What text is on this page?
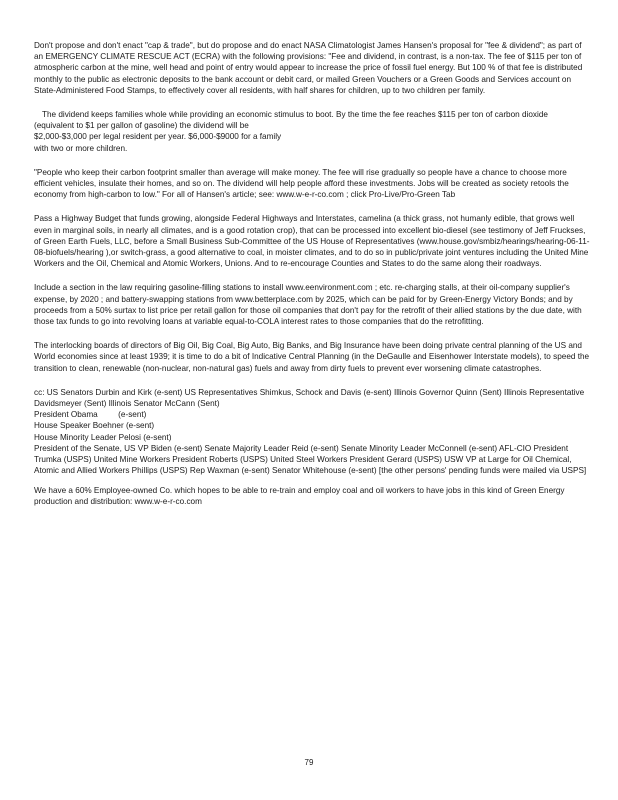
Don't propose and don't enact "cap & trade", but do propose and do enact NASA Climatologist James Hansen's proposal for "fee & dividend"; as part of an EMERGENCY CLIMATE RESCUE ACT (ECRA) with the following provisions: "Fee and dividend, in contrast, is a non-tax. The fee of $115 per ton of atmospheric carbon at the mine, well head and point of entry would appear to increase the price of fossil fuel energy. But 100 % of that fee is distributed monthly to the public as electronic deposits to the bank account or debit card, or mailed Green Vouchers or a Green Goods and Services account on State-Administered Food Stamps, to effectively cover all residents, with half shares for children, up to two children per family.

The dividend keeps families whole while providing an economic stimulus to boot. By the time the fee reaches $115 per ton of carbon dioxide (equivalent to $1 per gallon of gasoline) the dividend will be
$2,000-$3,000 per legal resident per year. $6,000-$9000 for a family
with two or more children.

"People who keep their carbon footprint smaller than average will make money. The fee will rise gradually so people have a chance to choose more efficient vehicles, insulate their homes, and so on. The dividend will help people afford these investments. Jobs will be created as society retools the economy from high-carbon to low." For all of Hansen's article; see: www.w-e-r-co.com ; click Pro-Live/Pro-Green Tab

Pass a Highway Budget that funds growing, alongside Federal Highways and Interstates, camelina (a thick grass, not humanly edible, that grows well even in marginal soils, in nearly all climates, and is a good rotation crop), that can be processed into excellent bio-diesel (see testimony of Jeff Fruckses, of Green Earth Fuels, LLC, before a Small Business Sub-Committee of the US House of Representatives (www.house.gov/smbiz/hearings/hearing-06-11-08-biofuels/hearing ),or switch-grass, a good alternative to coal, in moister climates, and to do so in public/private joint ventures including the United Mine Workers and the Oil, Chemical and Atomic Workers, Unions. And to re-encourage Counties and States to do the same along their roadways.

Include a section in the law requiring gasoline-filling stations to install www.eenvironment.com ; etc. re-charging stalls, at their oil-company supplier's expense, by 2020 ; and battery-swapping stations from www.betterplace.com by 2025, which can be paid for by Green-Energy Victory Bonds; and by proceeds from a 50% surtax to list price per retail gallon for those oil companies that don't pay for the retrofit of their allied stations by the due date, with those tax funds to go into revolving loans at variable equal-to-COLA interest rates to those companies that do the retrofitting.

The interlocking boards of directors of Big Oil, Big Coal, Big Auto, Big Banks, and Big Insurance have been doing private central planning of the US and World economies since at least 1939; it is time to do a bit of Indicative Central Planning (in the DeGaulle and Eisenhower Interstate models), to speed the transition to clean, renewable (non-nuclear, non-natural gas) fuels and away from dirty fuels to prevent ever worsening climate catastrophes.

cc: US Senators Durbin and Kirk (e-sent) US Representatives Shimkus, Schock and Davis (e-sent) Illinois Governor Quinn (Sent) Illinois Representative Davidsmeyer (Sent) Illinois Senator McCann (Sent)
President Obama         (e-sent)
House Speaker Boehner (e-sent)
House Minority Leader Pelosi (e-sent)
President of the Senate, US VP Biden (e-sent) Senate Majority Leader Reid (e-sent) Senate Minority Leader McConnell (e-sent) AFL-CIO President Trumka (USPS) United Mine Workers President Roberts (USPS) United Steel Workers President Gerard (USPS) USW VP at Large for Oil Chemical, Atomic and Allied Workers Phillips (USPS) Rep Waxman (e-sent) Senator Whitehouse (e-sent) [the other persons' pending funds were mailed via USPS]

We have a 60% Employee-owned Co. which hopes to be able to re-train and employ coal and oil workers to have jobs in this kind of Green Energy production and distribution: www.w-e-r-co.com

79
